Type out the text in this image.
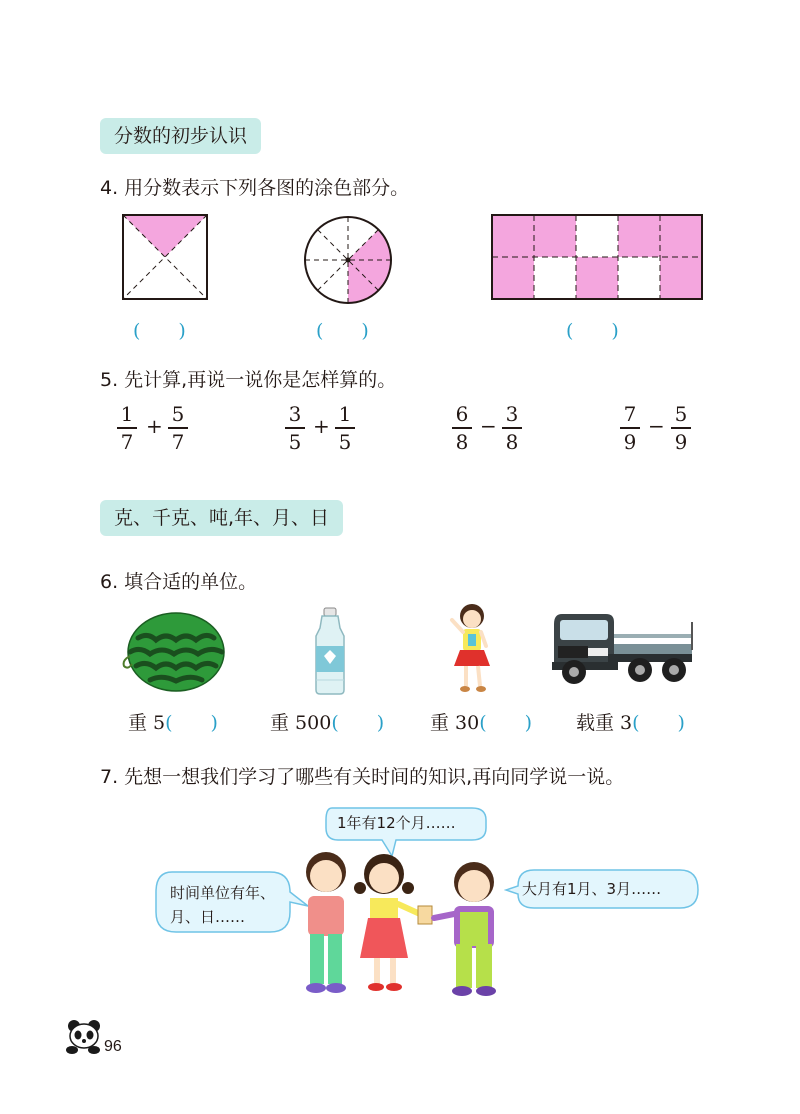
分数的初步认识
4. 用分数表示下列各图的涂色部分。
(　　)	(　　)	(　　)
5. 先计算,再说一说你是怎样算的。
1
7
+ 5
7
3
5
+ 1
5
6
8
− 3
8
7
9
− 5
9
克、千克、吨,年、月、日
6. 填合适的单位。
重 5(　　)	重 500(　　) 重 30(　　) 载重 3(　　)
7. 先想一想我们学习了哪些有关时间的知识,再向同学说一说。
1年有12个月……
时间单位有年、
月、日……
大月有1月、3月……
96
